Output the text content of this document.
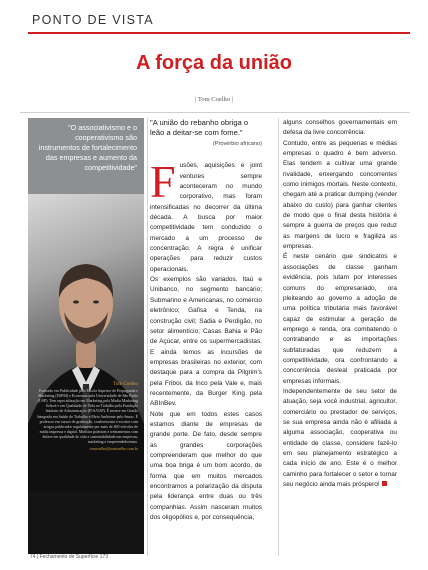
PONTO DE VISTA
A força da união
| Tom Coelho |
"O associativismo e o cooperativismo são instrumentos de fortalecimento das empresas e aumento da competitividade"
Tom Coelho
Formado em Publicidade pela Escola Superior de Propaganda e Marketing (ESPM) e Economia pela Universidade de São Paulo (USP). Tem especialização em Marketing pela Madia Marketing School e em Qualidade de Vida no Trabalho pela Fundação Instituto de Administração (FIA/USP). É mestre em Gestão Integrada em Saúde do Trabalho e Meio Ambiente pelo Senac. É professor em cursos de graduação, conferencista e escritor com artigos publicados regularmente por mais de 400 veículos de mídia impressa e digital. Ministra palestras e treinamentos com ênfase em qualidade de vida e sustentabilidade nas empresas, marketing e empreendedorismo.
tomcoelho@tomcoelho.com.br
"A união do rebanho obriga o leão a deitar-se com fome."
(Provérbio africano)

Fusões, aquisições e joint ventures sempre aconteceram no mundo corporativo, mas foram intensificadas no decorrer da última década. A busca por maior competitividade tem conduzido o mercado a um processo de concentração. A regra é unificar operações para reduzir custos operacionais.

Os exemplos são variados. Itaú e Unibanco, no segmento bancário; Submarino e Americanas, no comércio eletrônico; Gafisa e Tenda, na construção civil; Sadia e Perdigão, no setor alimentício; Casas Bahia e Pão de Açúcar, entre os supermercadistas. E ainda temos as incursões de empresas brasileiras no exterior, com destaque para a compra da Pilgrim's pela Friboi, da Inco pela Vale e, mais recentemente, da Burger King pela ABInBev.

Note que em todos estes casos estamos diante de empresas de grande porte. De fato, desde sempre as grandes corporações compreenderam que melhor do que uma boa briga é um bom acordo, de forma que em muitos mercados encontramos a polarização da disputa pela liderança entre duas ou três companhias. Assim nasceram muitos dos oligopólios e, por consequência,

alguns conselhos governamentais em defesa da livre concorrência.

Contudo, entre as pequenas e médias empresas o quadro é bem adverso. Elas tendem a cultivar uma grande rivalidade, enxergando concorrentes como inimigos mortais. Neste contexto, chegam até a praticar dumping (vender abaixo do custo) para ganhar clientes de modo que o final desta história é sempre a guerra de preços que reduz as margens de lucro e fragiliza as empresas.

É neste cenário que sindicatos e associações de classe ganham evidência, pois lutam por interesses comuns do empresariado, ora pleiteando ao governo a adoção de uma política tributária mais favorável capaz de estimular a geração de emprego e renda, ora combatendo o contrabando e as importações subfaturadas que reduzem a competitividade, ora confrontando a concorrência desleal praticada por empresas informais.

Independentemente de seu setor de atuação, seja você industrial, agricultor, comerciário ou prestador de serviços, se sua empresa ainda não é afiliada a alguma associação, cooperativa ou entidade de classe, considere fazê-lo em seu planejamento estratégico a cada início de ano. Este é o melhor caminho para fortalecer o setor e tornar seu negócio ainda mais próspero!

74 | Fechamento de Superfície 173
